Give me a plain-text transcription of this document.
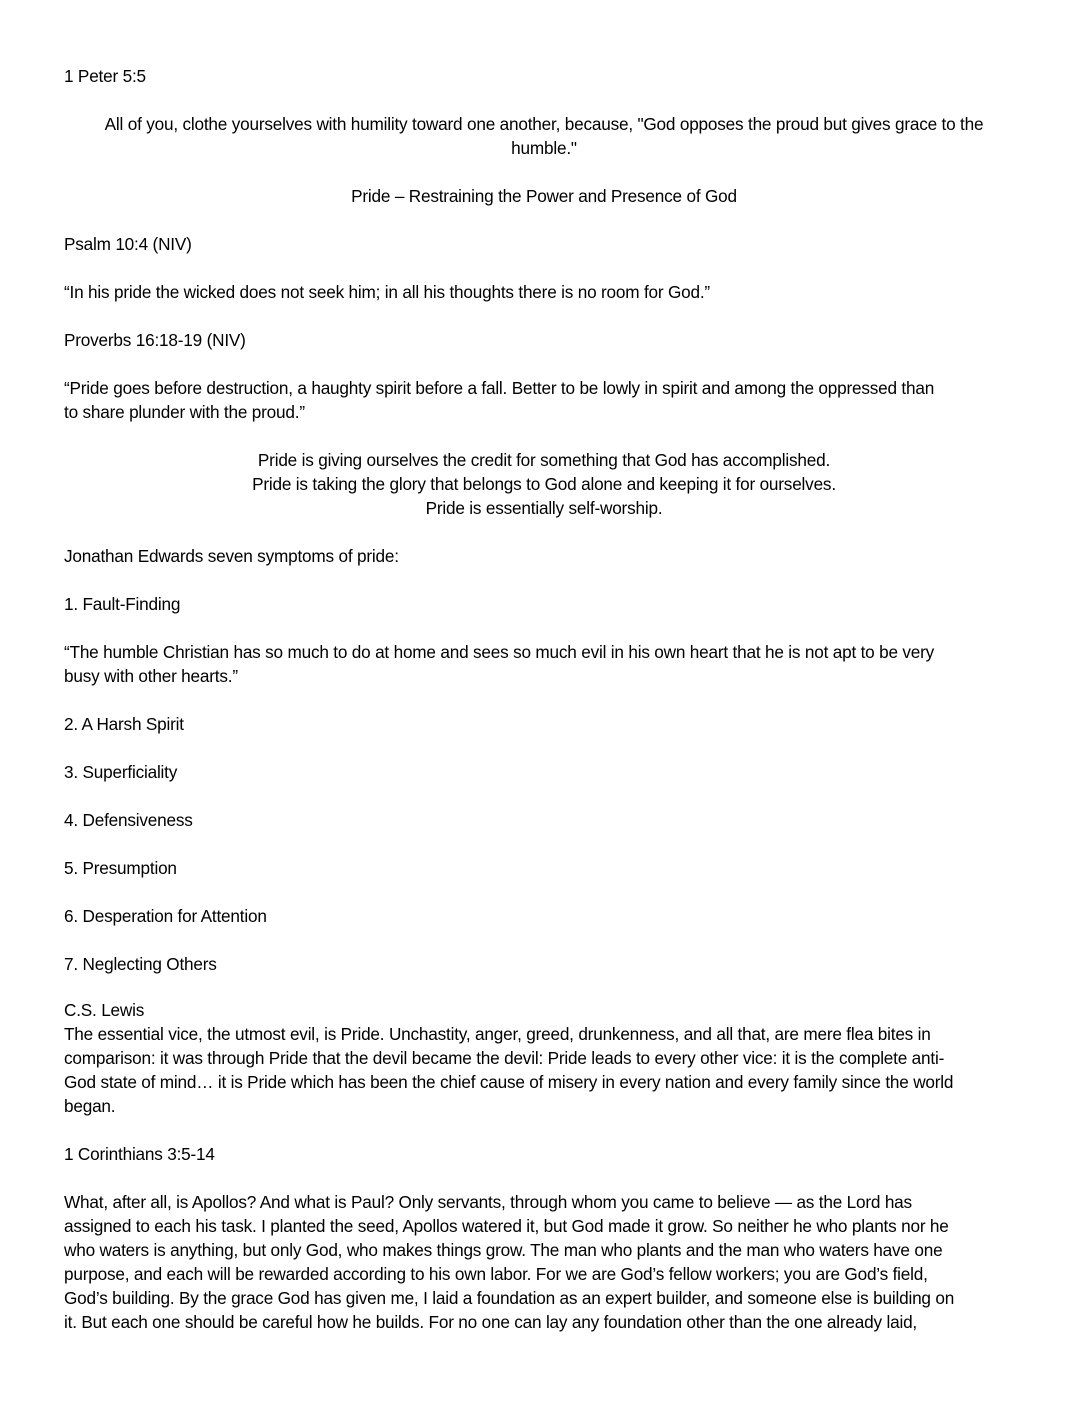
1 Peter 5:5
All of you, clothe yourselves with humility toward one another, because, "God opposes the proud but gives grace to the
humble."
Pride – Restraining the Power and Presence of God
Psalm 10:4 (NIV)
“In his pride the wicked does not seek him; in all his thoughts there is no room for God.”
Proverbs 16:18-19 (NIV)
“Pride goes before destruction, a haughty spirit before a fall. Better to be lowly in spirit and among the oppressed than
to share plunder with the proud.”
Pride is giving ourselves the credit for something that God has accomplished.
Pride is taking the glory that belongs to God alone and keeping it for ourselves.
Pride is essentially self-worship.
Jonathan Edwards seven symptoms of pride:
1. Fault-Finding
“The humble Christian has so much to do at home and sees so much evil in his own heart that he is not apt to be very
busy with other hearts.”
2. A Harsh Spirit
3. Superficiality
4. Defensiveness
5. Presumption
6. Desperation for Attention
7. Neglecting Others
C.S. Lewis
The essential vice, the utmost evil, is Pride. Unchastity, anger, greed, drunkenness, and all that, are mere flea bites in
comparison: it was through Pride that the devil became the devil: Pride leads to every other vice: it is the complete anti-
God state of mind… it is Pride which has been the chief cause of misery in every nation and every family since the world
began.
1 Corinthians 3:5-14
What, after all, is Apollos? And what is Paul? Only servants, through whom you came to believe — as the Lord has
assigned to each his task. I planted the seed, Apollos watered it, but God made it grow. So neither he who plants nor he
who waters is anything, but only God, who makes things grow. The man who plants and the man who waters have one
purpose, and each will be rewarded according to his own labor. For we are God’s fellow workers; you are God’s field,
God’s building. By the grace God has given me, I laid a foundation as an expert builder, and someone else is building on
it. But each one should be careful how he builds. For no one can lay any foundation other than the one already laid,
